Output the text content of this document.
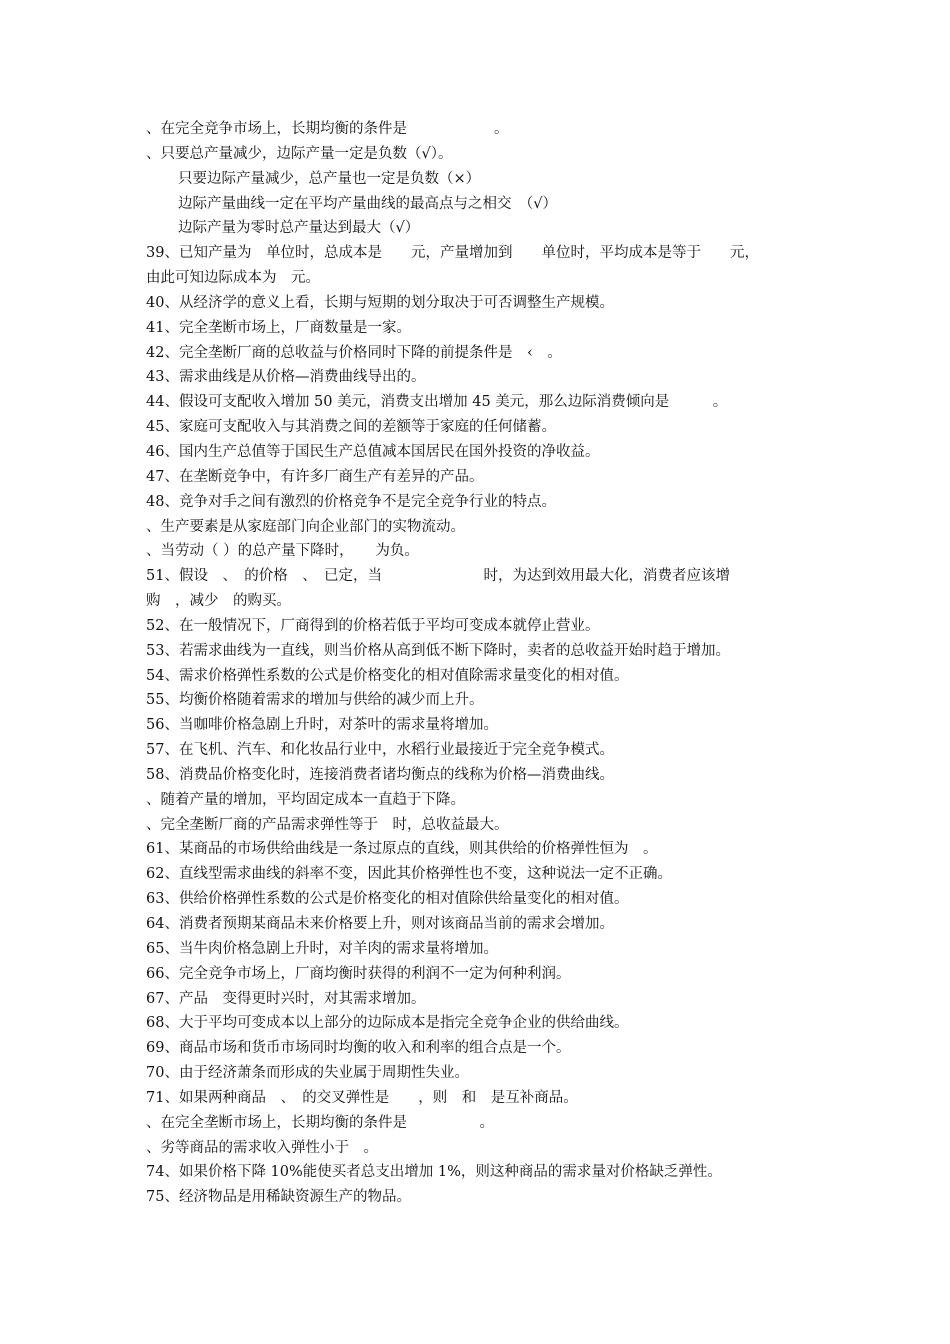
、在完全竞争市场上，长期均衡的条件是　　　　　　。
、只要总产量减少，边际产量一定是负数（√）。
只要边际产量减少，总产量也一定是负数（×）
边际产量曲线一定在平均产量曲线的最高点与之相交　（√）
边际产量为零时总产量达到最大（√）
39、已知产量为　单位时，总成本是　　元，产量增加到　　单位时，平均成本是等于　　元，
由此可知边际成本为　元。
40、从经济学的意义上看，长期与短期的划分取决于可否调整生产规模。
41、完全垄断市场上，厂商数量是一家。
42、完全垄断厂商的总收益与价格同时下降的前提条件是　‹　。
43、需求曲线是从价格—消费曲线导出的。
44、假设可支配收入增加 50 美元，消费支出增加 45 美元，那么边际消费倾向是　　　。
45、家庭可支配收入与其消费之间的差额等于家庭的任何储蓄。
46、国内生产总值等于国民生产总值减本国居民在国外投资的净收益。
47、在垄断竞争中，有许多厂商生产有差异的产品。
48、竞争对手之间有激烈的价格竞争不是完全竞争行业的特点。
、生产要素是从家庭部门向企业部门的实物流动。
、当劳动（ ）的总产量下降时，　　为负。
51、假设　、　的价格　、　已定，当　　　　　　　时，为达到效用最大化，消费者应该增
购　，减少　的购买。
52、在一般情况下，厂商得到的价格若低于平均可变成本就停止营业。
53、若需求曲线为一直线，则当价格从高到低不断下降时，卖者的总收益开始时趋于增加。
54、需求价格弹性系数的公式是价格变化的相对值除需求量变化的相对值。
55、均衡价格随着需求的增加与供给的减少而上升。
56、当咖啡价格急剧上升时，对茶叶的需求量将增加。
57、在飞机、汽车、和化妆品行业中，水稻行业最接近于完全竞争模式。
58、消费品价格变化时，连接消费者诸均衡点的线称为价格—消费曲线。
、随着产量的增加，平均固定成本一直趋于下降。
、完全垄断厂商的产品需求弹性等于　时，总收益最大。
61、某商品的市场供给曲线是一条过原点的直线，则其供给的价格弹性恒为　。
62、直线型需求曲线的斜率不变，因此其价格弹性也不变，这种说法一定不正确。
63、供给价格弹性系数的公式是价格变化的相对值除供给量变化的相对值。
64、消费者预期某商品未来价格要上升，则对该商品当前的需求会增加。
65、当牛肉价格急剧上升时，对羊肉的需求量将增加。
66、完全竞争市场上，厂商均衡时获得的利润不一定为何种利润。
67、产品　变得更时兴时，对其需求增加。
68、大于平均可变成本以上部分的边际成本是指完全竞争企业的供给曲线。
69、商品市场和货币市场同时均衡的收入和利率的组合点是一个。
70、由于经济萧条而形成的失业属于周期性失业。
71、如果两种商品　、　的交叉弹性是　　，则　和　是互补商品。
、在完全垄断市场上，长期均衡的条件是　　　　　。
、劣等商品的需求收入弹性小于　。
74、如果价格下降 10%能使买者总支出增加 1%，则这种商品的需求量对价格缺乏弹性。
75、经济物品是用稀缺资源生产的物品。
